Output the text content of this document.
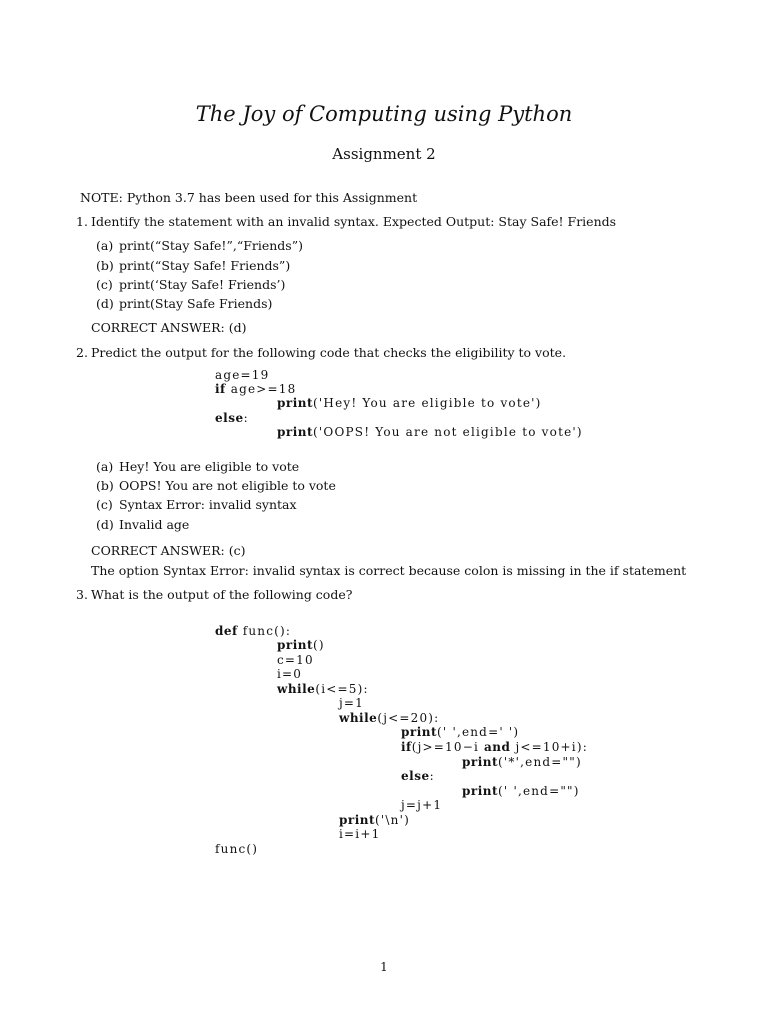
The Joy of Computing using Python
Assignment 2
NOTE: Python 3.7 has been used for this Assignment
1. Identify the statement with an invalid syntax. Expected Output: Stay Safe! Friends
(a) print(“Stay Safe!”,“Friends”)
(b) print(“Stay Safe! Friends”)
(c) print(‘Stay Safe! Friends’)
(d) print(Stay Safe Friends)
CORRECT ANSWER: (d)
2. Predict the output for the following code that checks the eligibility to vote.
age=19
if age>=18
print('Hey! You are eligible to vote')
else:
print('OOPS! You are not eligible to vote')
(a) Hey! You are eligible to vote
(b) OOPS! You are not eligible to vote
(c) Syntax Error: invalid syntax
(d) Invalid age
CORRECT ANSWER: (c)
The option Syntax Error: invalid syntax is correct because colon is missing in the if statement
3. What is the output of the following code?
def func():
print()
c=10
i=0
while(i<=5):
j=1
while(j<=20):
print(' ',end=' ')
if(j>=10−i and j<=10+i):
print('*',end="")
else:
print(' ',end="")
j=j+1
print('\n')
i=i+1
func()
1
